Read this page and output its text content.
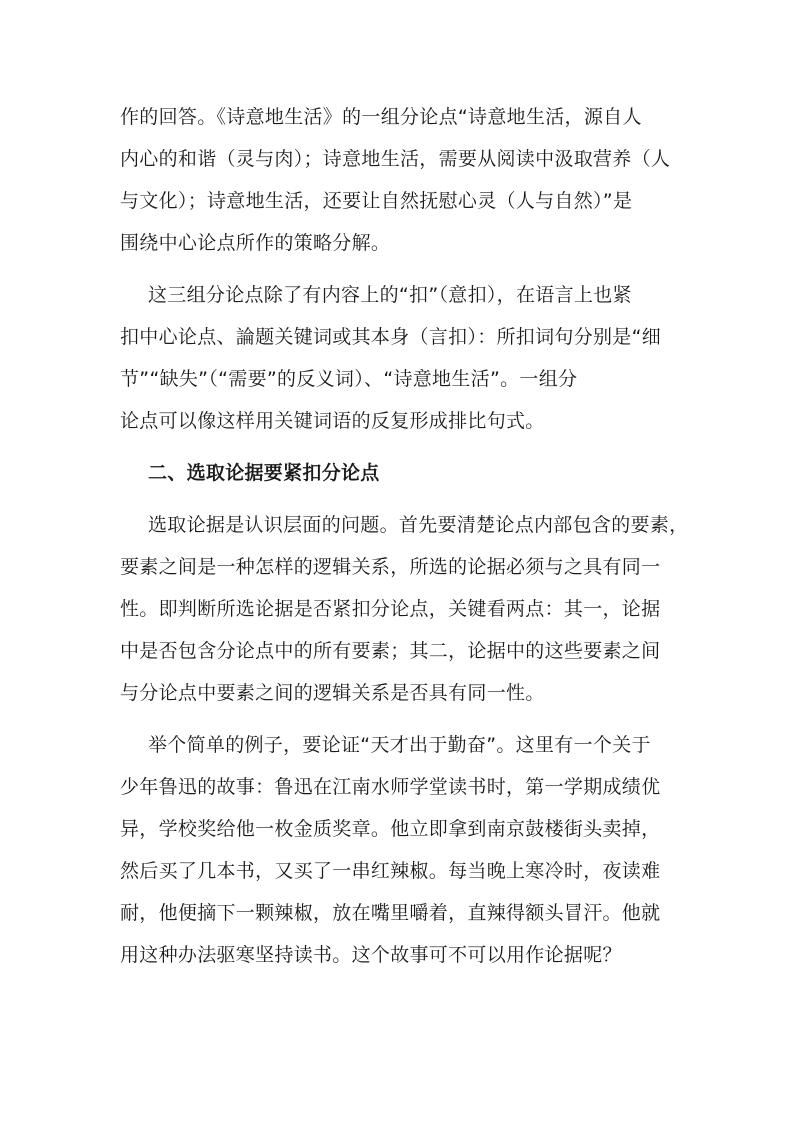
作的回答。《诗意地生活》的一组分论点“诗意地生活，源自人
内心的和谐（灵与肉）；诗意地生活，需要从阅读中汲取营养（人
与文化）；诗意地生活，还要让自然抚慰心灵（人与自然）”是
围绕中心论点所作的策略分解。
这三组分论点除了有内容上的“扣”（意扣），在语言上也紧
扣中心论点、論题关键词或其本身（言扣）：所扣词句分别是“细
节”“缺失”（“需要”的反义词）、“诗意地生活”。一组分
论点可以像这样用关键词语的反复形成排比句式。
二、选取论据要紧扣分论点
选取论据是认识层面的问题。首先要清楚论点内部包含的要素，
要素之间是一种怎样的逻辑关系，所选的论据必须与之具有同一
性。即判断所选论据是否紧扣分论点，关键看两点：其一，论据
中是否包含分论点中的所有要素；其二，论据中的这些要素之间
与分论点中要素之间的逻辑关系是否具有同一性。
举个简单的例子，要论证“天才出于勤奋”。这里有一个关于
少年鲁迅的故事：鲁迅在江南水师学堂读书时，第一学期成绩优
异，学校奖给他一枚金质奖章。他立即拿到南京鼓楼街头卖掉，
然后买了几本书，又买了一串红辣椒。每当晚上寒冷时，夜读难
耐，他便摘下一颗辣椒，放在嘴里嚼着，直辣得额头冒汗。他就
用这种办法驱寒坚持读书。这个故事可不可以用作论据呢？
